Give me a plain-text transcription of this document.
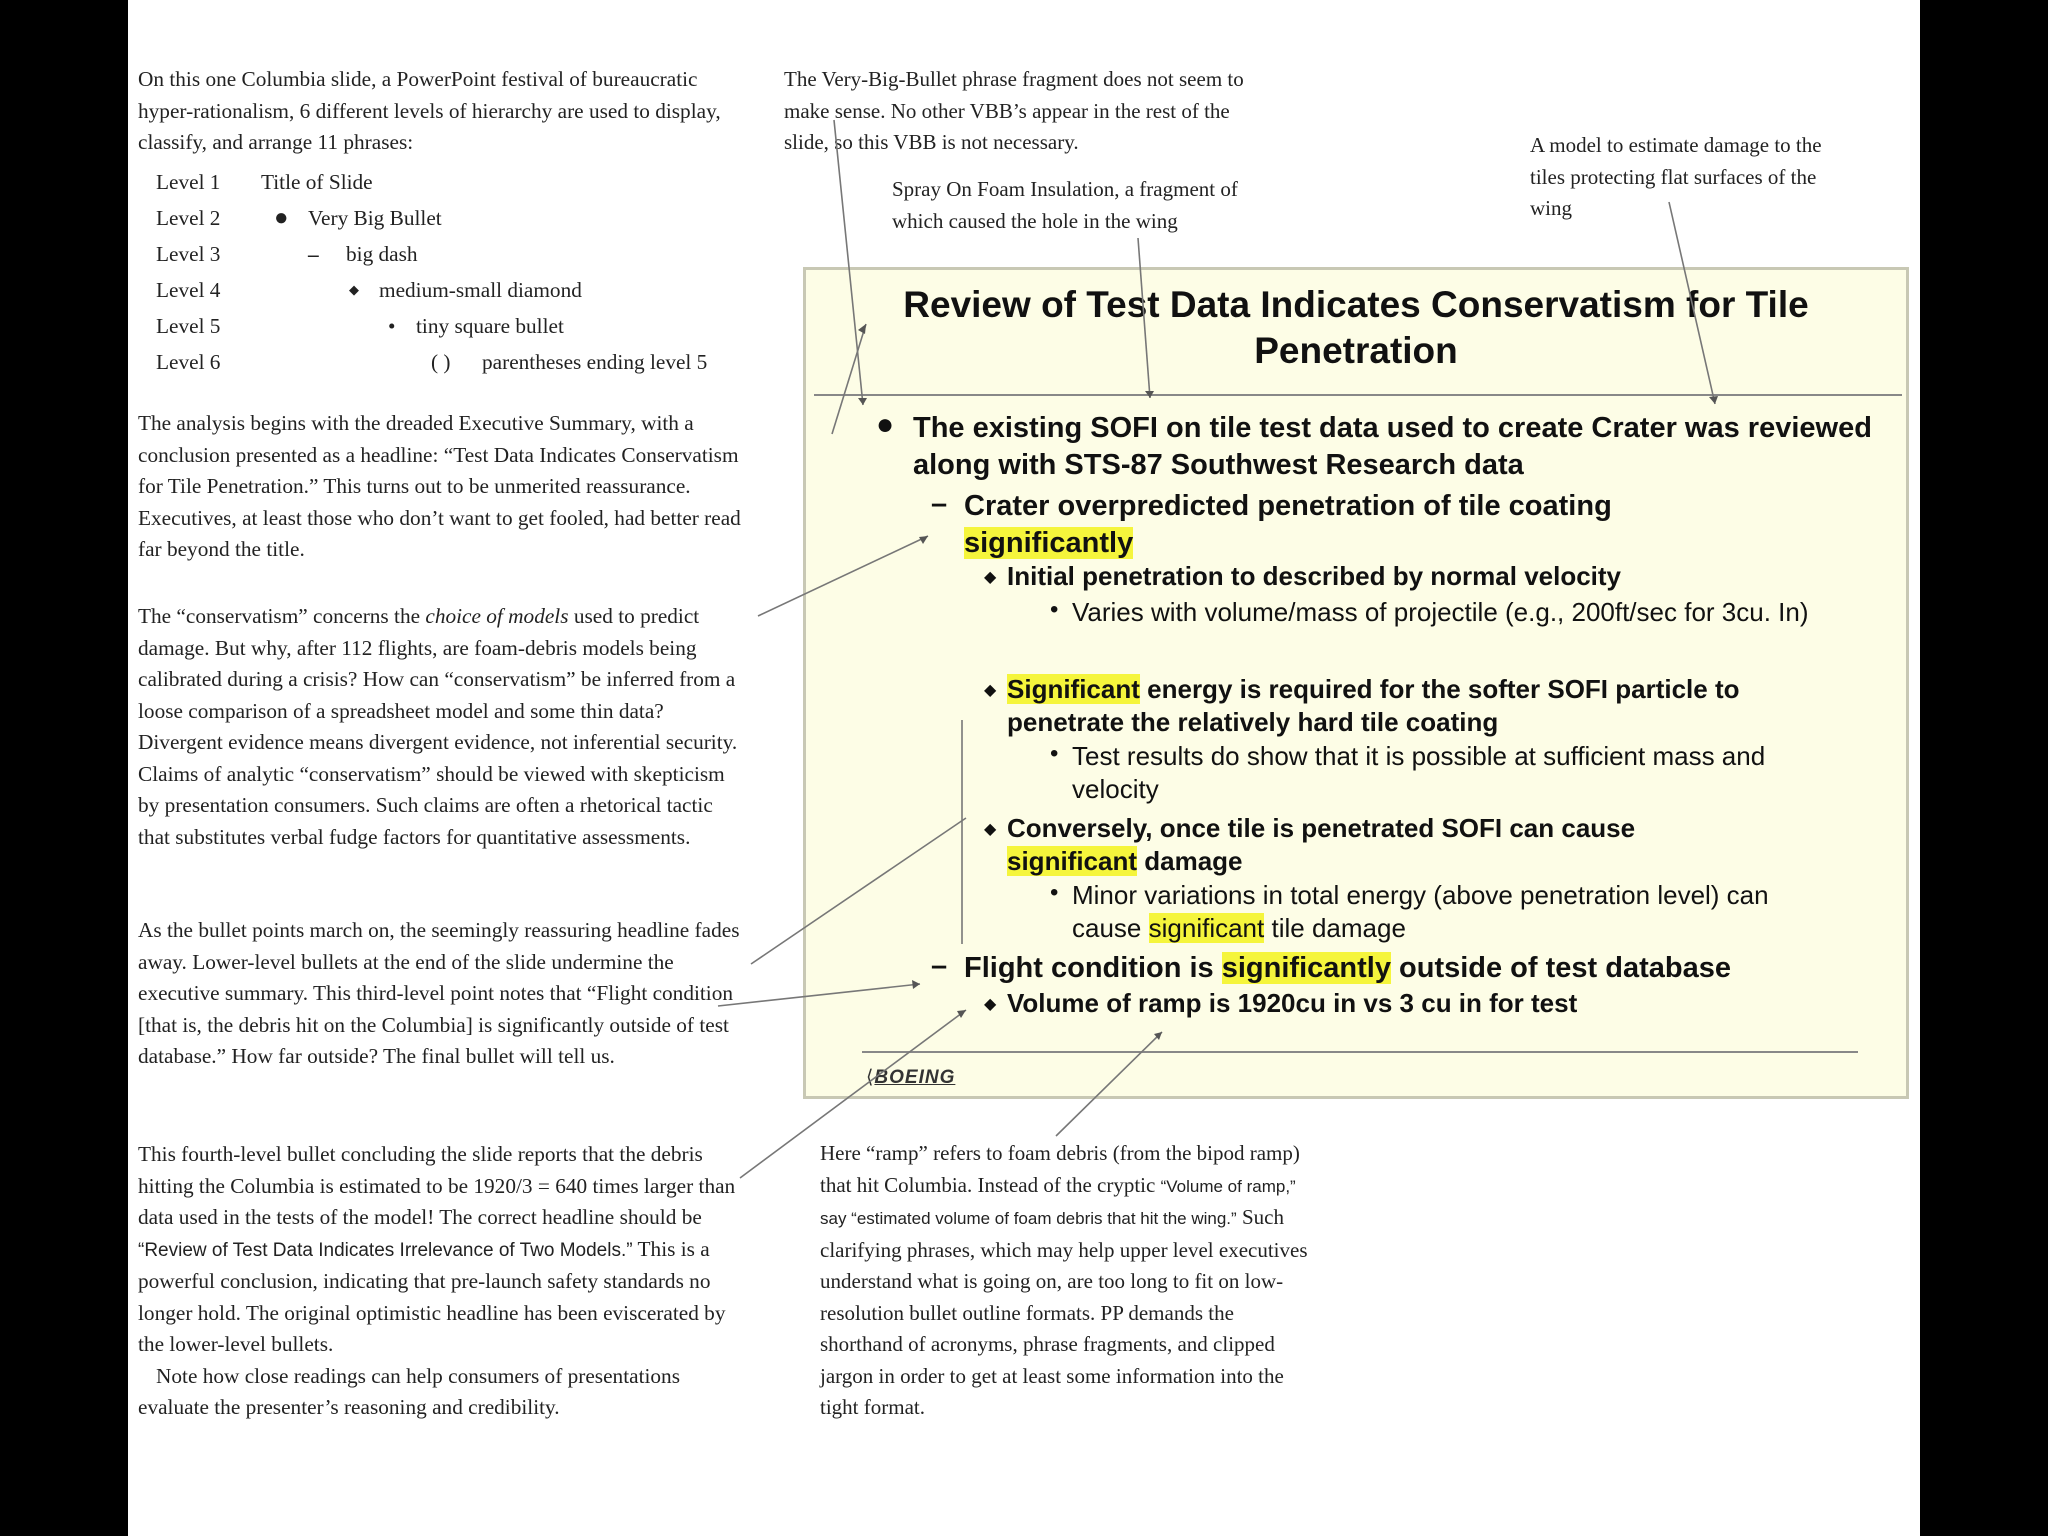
On this one Columbia slide, a PowerPoint festival of bureaucratic hyper-rationalism, 6 different levels of hierarchy are used to display, classify, and arrange 11 phrases:

Level 1	Title of Slide
Level 2	● Very Big Bullet
Level 3	– big dash
Level 4	◆ medium-small diamond
Level 5	• tiny square bullet
Level 6	( ) parentheses ending level 5

The analysis begins with the dreaded Executive Summary, with a conclusion presented as a headline: “Test Data Indicates Conservatism for Tile Penetration.” This turns out to be unmerited reassurance. Executives, at least those who don’t want to get fooled, had better read far beyond the title.

The “conservatism” concerns the choice of models used to predict damage. But why, after 112 flights, are foam-debris models being calibrated during a crisis? How can “conservatism” be inferred from a loose comparison of a spreadsheet model and some thin data? Divergent evidence means divergent evidence, not inferential security. Claims of analytic “conservatism” should be viewed with skepticism by presentation consumers. Such claims are often a rhetorical tactic that substitutes verbal fudge factors for quantitative assessments.

As the bullet points march on, the seemingly reassuring headline fades away. Lower-level bullets at the end of the slide undermine the executive summary. This third-level point notes that “Flight condition [that is, the debris hit on the Columbia] is significantly outside of test database.” How far outside? The final bullet will tell us.

This fourth-level bullet concluding the slide reports that the debris hitting the Columbia is estimated to be 1920/3 = 640 times larger than data used in the tests of the model! The correct headline should be “Review of Test Data Indicates Irrelevance of Two Models.” This is a powerful conclusion, indicating that pre-launch safety standards no longer hold. The original optimistic headline has been eviscerated by the lower-level bullets.

Note how close readings can help consumers of presentations evaluate the presenter’s reasoning and credibility.

The Very-Big-Bullet phrase fragment does not seem to make sense. No other VBB’s appear in the rest of the slide, so this VBB is not necessary.

Spray On Foam Insulation, a fragment of which caused the hole in the wing

A model to estimate damage to the tiles protecting flat surfaces of the wing

Here “ramp” refers to foam debris (from the bipod ramp) that hit Columbia. Instead of the cryptic “Volume of ramp,” say “estimated volume of foam debris that hit the wing.” Such clarifying phrases, which may help upper level executives understand what is going on, are too long to fit on low-resolution bullet outline formats. PP demands the shorthand of acronyms, phrase fragments, and clipped jargon in order to get at least some information into the tight format.

Review of Test Data Indicates Conservatism for Tile Penetration
● The existing SOFI on tile test data used to create Crater was reviewed along with STS-87 Southwest Research data
– Crater overpredicted penetration of tile coating
significantly
◆ Initial penetration to described by normal velocity
• Varies with volume/mass of projectile (e.g., 200ft/sec for 3cu. In)
◆ Significant energy is required for the softer SOFI particle to penetrate the relatively hard tile coating
• Test results do show that it is possible at sufficient mass and velocity
◆ Conversely, once tile is penetrated SOFI can cause significant damage
• Minor variations in total energy (above penetration level) can cause significant tile damage
– Flight condition is significantly outside of test database
◆ Volume of ramp is 1920cu in vs 3 cu in for test
⟨BOEING
